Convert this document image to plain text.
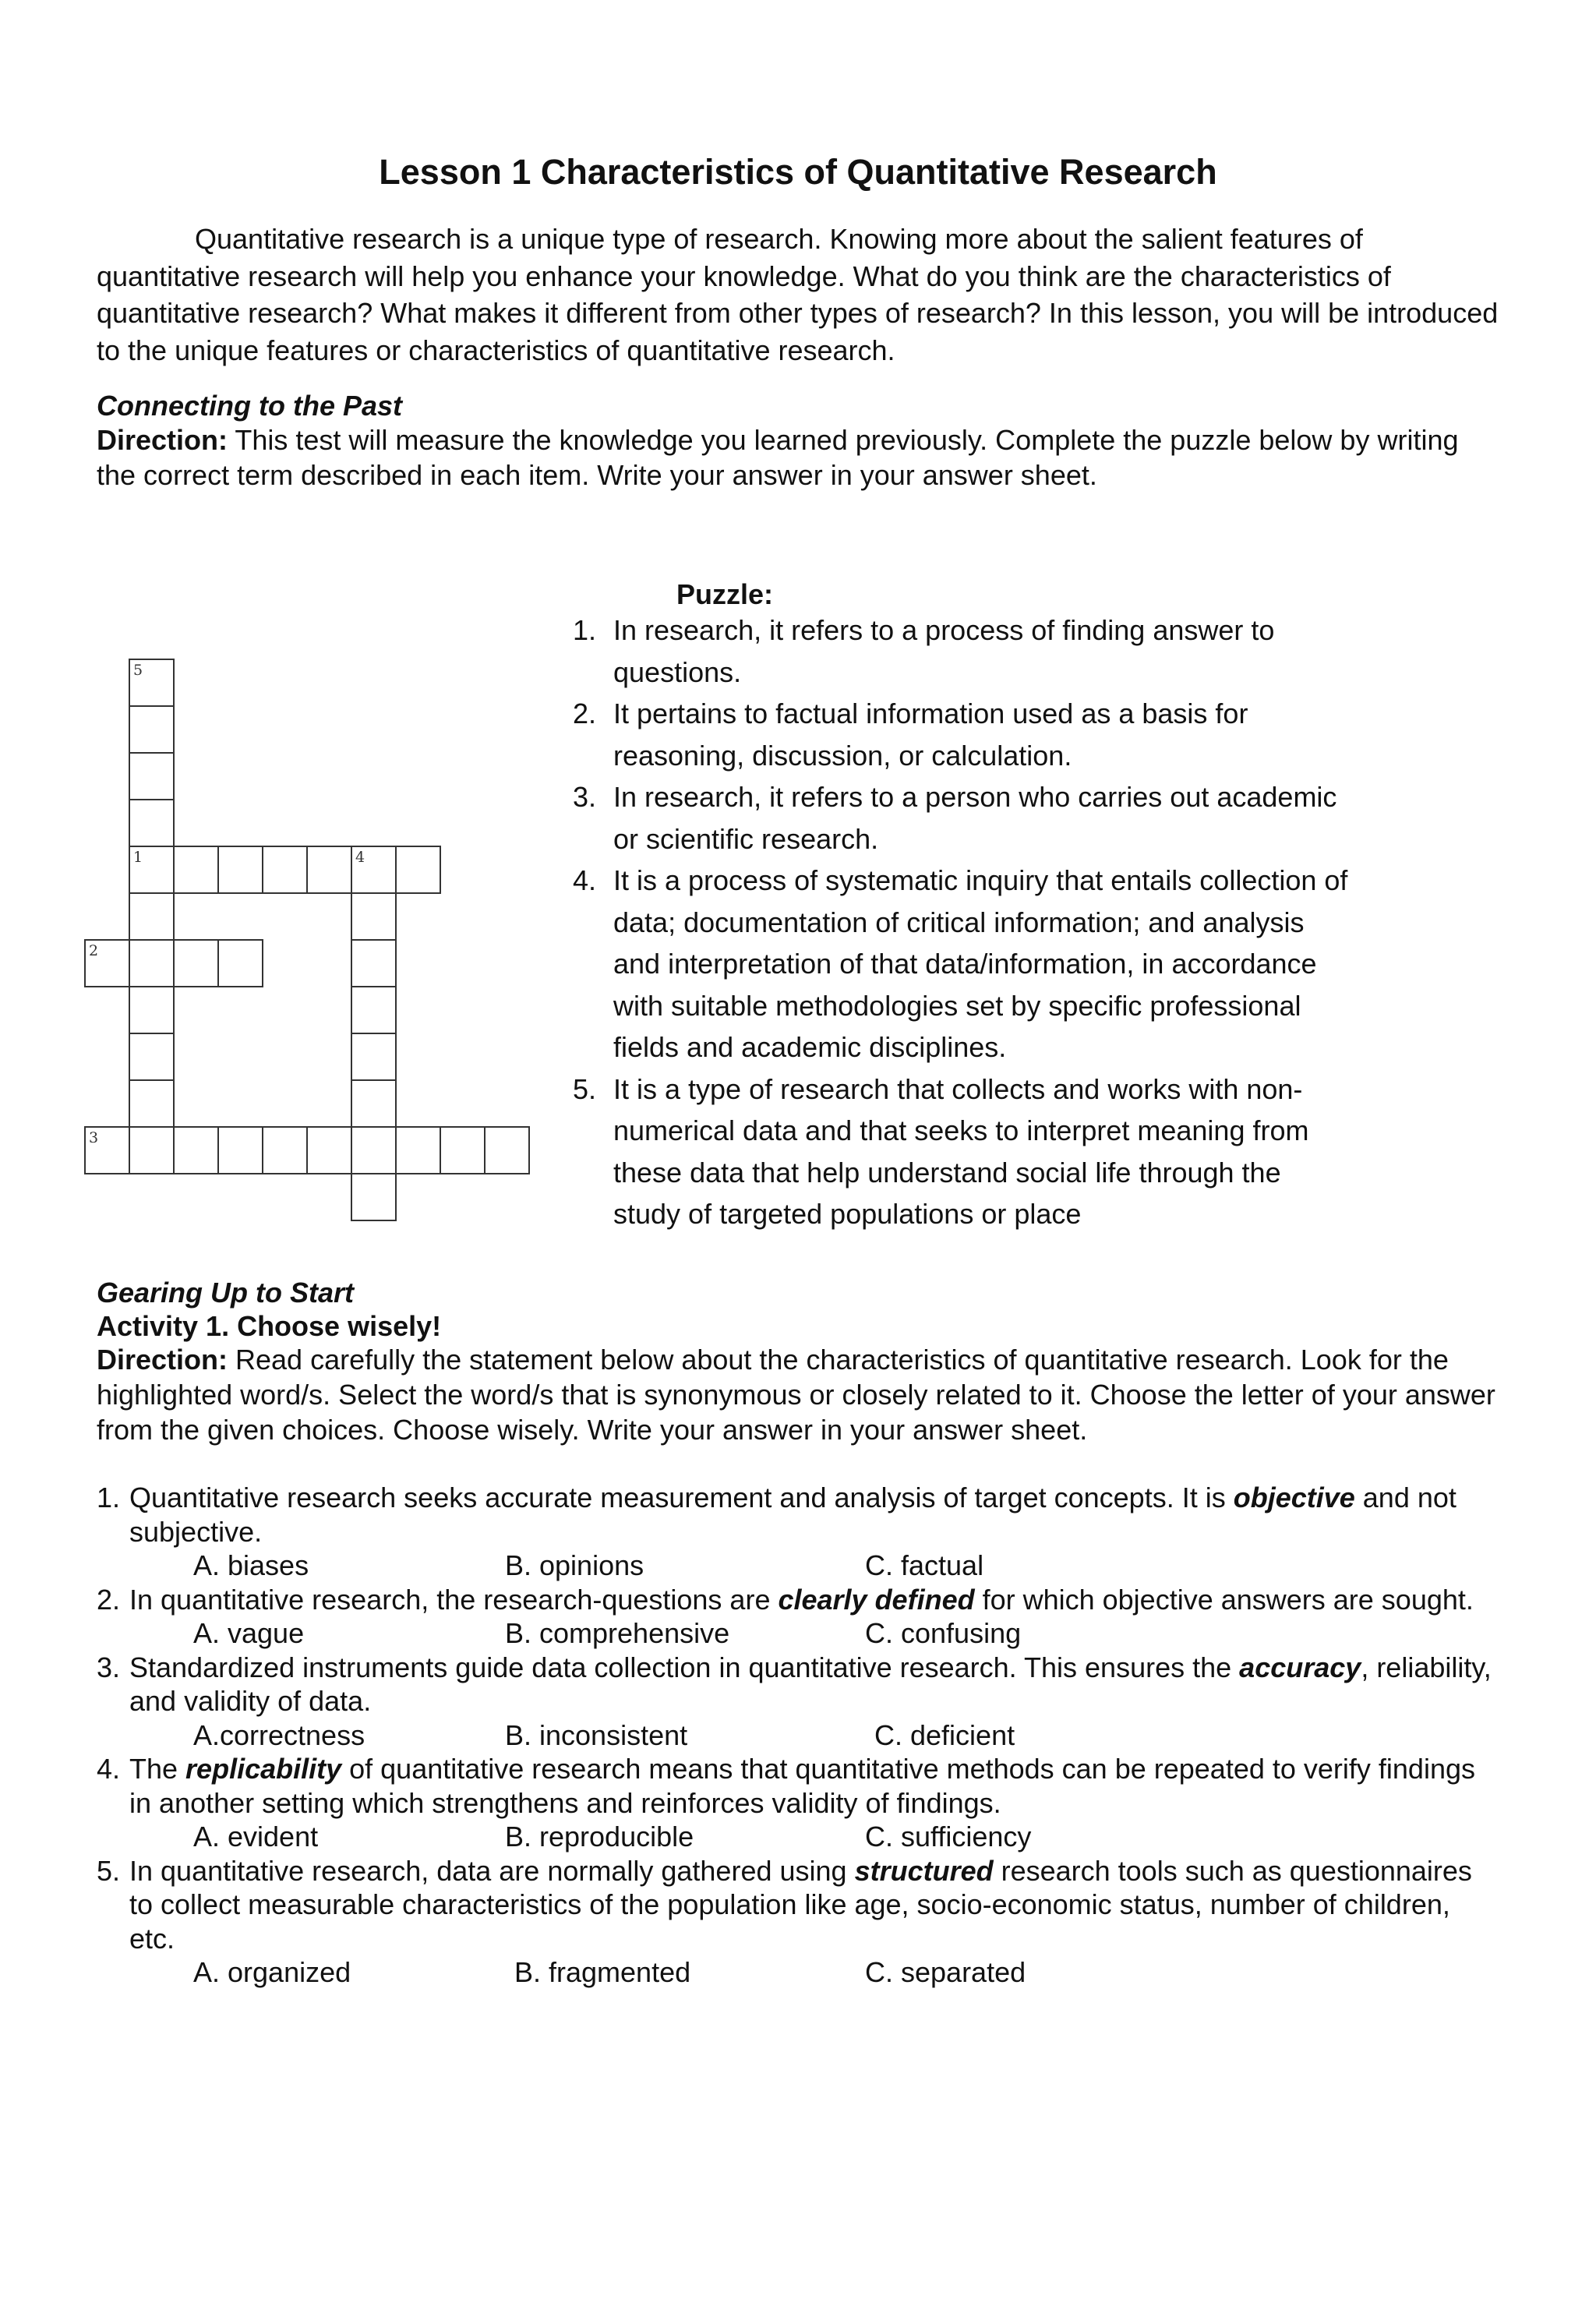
Lesson 1 Characteristics of Quantitative Research

Quantitative research is a unique type of research. Knowing more about the salient features of quantitative research will help you enhance your knowledge. What do you think are the characteristics of quantitative research? What makes it different from other types of research? In this lesson, you will be introduced to the unique features or characteristics of quantitative research.

Connecting to the Past

Direction: This test will measure the knowledge you learned previously. Complete the puzzle below by writing the correct term described in each item. Write your answer in your answer sheet.

1
2
3
4
5
Puzzle:
1. In research, it refers to a process of finding answer to questions.
2. It pertains to factual information used as a basis for reasoning, discussion, or calculation.
3. In research, it refers to a person who carries out academic or scientific research.
4. It is a process of systematic inquiry that entails collection of data; documentation of critical information; and analysis and interpretation of that data/information, in accordance with suitable methodologies set by specific professional fields and academic disciplines.
5. It is a type of research that collects and works with non-numerical data and that seeks to interpret meaning from these data that help understand social life through the study of targeted populations or place

Gearing Up to Start

Activity 1. Choose wisely!

Direction: Read carefully the statement below about the characteristics of quantitative research. Look for the highlighted word/s. Select the word/s that is synonymous or closely related to it. Choose the letter of your answer from the given choices. Choose wisely. Write your answer in your answer sheet.

1. Quantitative research seeks accurate measurement and analysis of target concepts. It is objective and not subjective.
A. biases	B. opinions	C. factual
2. In quantitative research, the research-questions are clearly defined for which objective answers are sought.
A. vague	B. comprehensive	C. confusing
3. Standardized instruments guide data collection in quantitative research. This ensures the accuracy, reliability, and validity of data.
A.correctness	B. inconsistent	C. deficient
4. The replicability of quantitative research means that quantitative methods can be repeated to verify findings in another setting which strengthens and reinforces validity of findings.
A. evident	B. reproducible	C. sufficiency
5. In quantitative research, data are normally gathered using structured research tools such as questionnaires to collect measurable characteristics of the population like age, socio-economic status, number of children, etc.
A. organized	B. fragmented	C. separated
